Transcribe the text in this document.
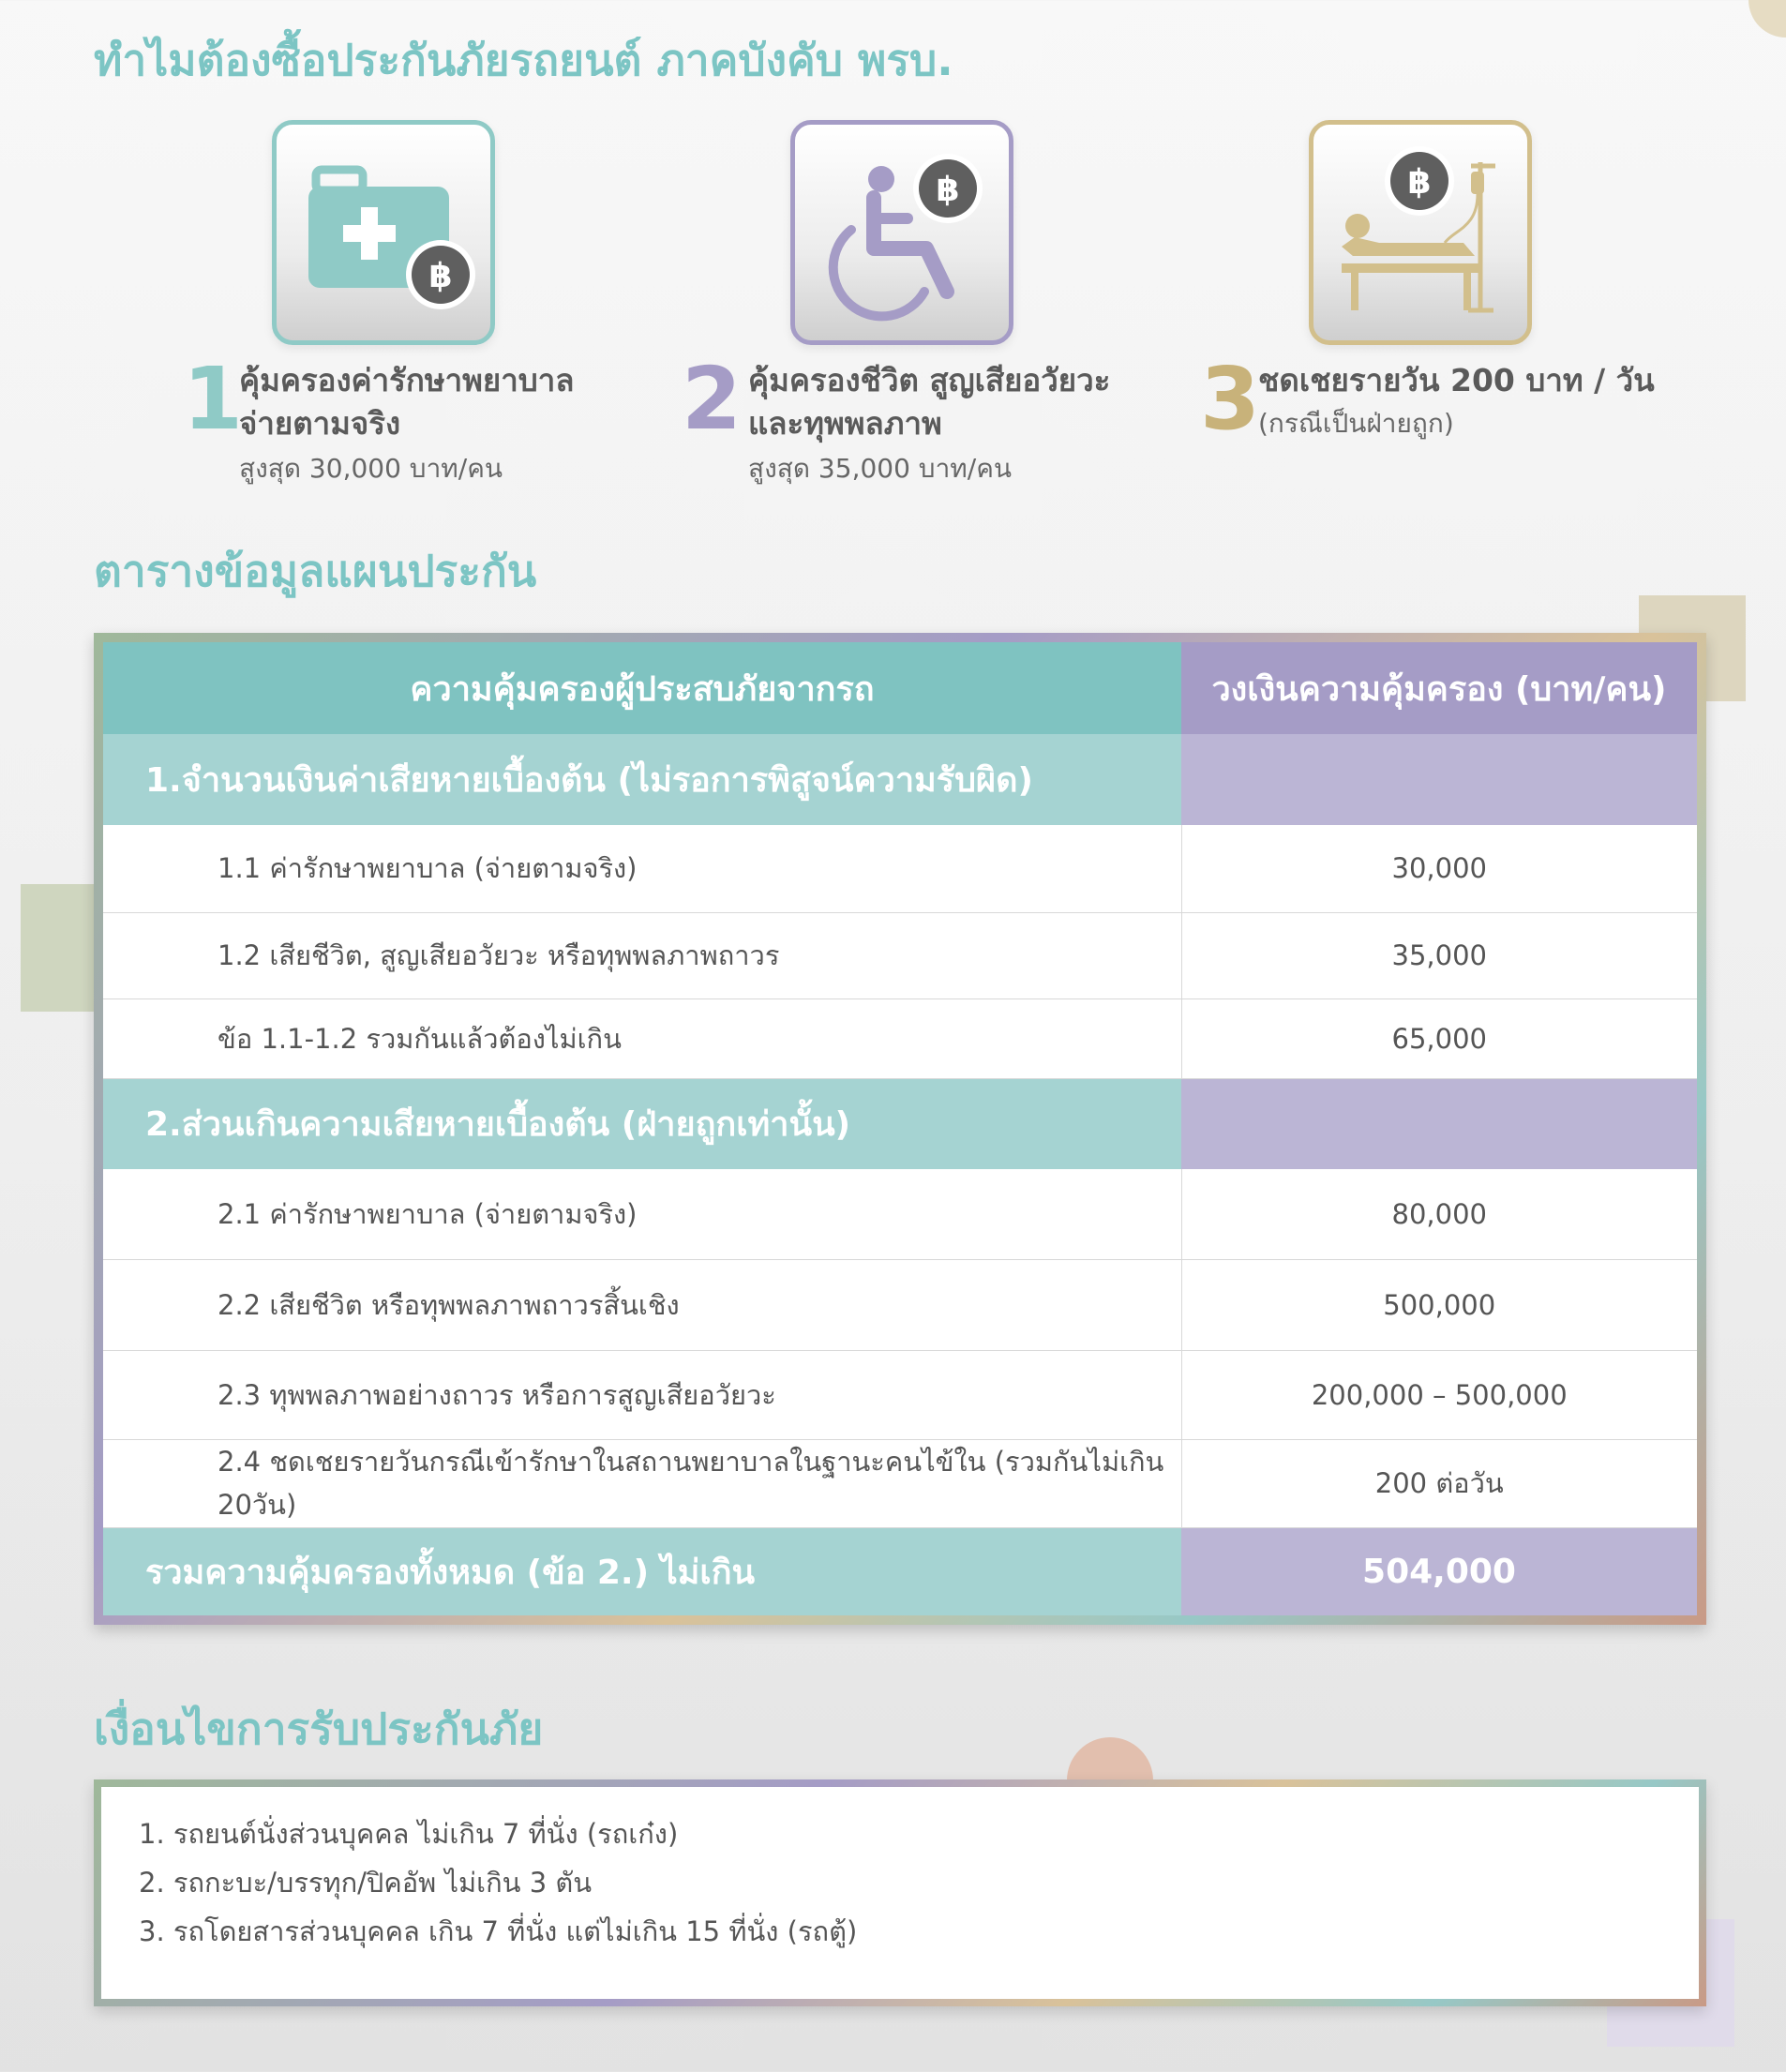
ทำไมต้องซื้อประกันภัยรถยนต์ ภาคบังคับ พรบ.
฿
1
คุ้มครองค่ารักษาพยาบาล
จ่ายตามจริง
สูงสุด 30,000 บาท/คน
฿
2 คุ้มครองชีวิต สูญเสียอวัยวะ
และทุพพลภาพ
สูงสุด 35,000 บาท/คน
฿
3
ชดเชยรายวัน 200 บาท / วัน
(กรณีเป็นฝ่ายถูก)
ตารางข้อมูลแผนประกัน
ความคุ้มครองผู้ประสบภัยจากรถ	วงเงินความคุ้มครอง (บาท/คน)
1.จำนวนเงินค่าเสียหายเบื้องต้น (ไม่รอการพิสูจน์ความรับผิด)	
1.1 ค่ารักษาพยาบาล (จ่ายตามจริง)	30,000
1.2 เสียชีวิต, สูญเสียอวัยวะ หรือทุพพลภาพถาวร	35,000
ข้อ 1.1-1.2 รวมกันแล้วต้องไม่เกิน	65,000
2.ส่วนเกินความเสียหายเบื้องต้น (ฝ่ายถูกเท่านั้น)	
2.1 ค่ารักษาพยาบาล (จ่ายตามจริง)	80,000
2.2 เสียชีวิต หรือทุพพลภาพถาวรสิ้นเชิง	500,000
2.3 ทุพพลภาพอย่างถาวร หรือการสูญเสียอวัยวะ	200,000 – 500,000
2.4 ชดเชยรายวันกรณีเข้ารักษาในสถานพยาบาลในฐานะคนไข้ใน (รวมกันไม่เกิน 20วัน)	200 ต่อวัน
รวมความคุ้มครองทั้งหมด (ข้อ 2.) ไม่เกิน	504,000
เงื่อนไขการรับประกันภัย
1. รถยนต์นั่งส่วนบุคคล ไม่เกิน 7 ที่นั่ง (รถเก๋ง)
2. รถกะบะ/บรรทุก/ปิคอัพ ไม่เกิน 3 ตัน
3. รถโดยสารส่วนบุคคล เกิน 7 ที่นั่ง แต่ไม่เกิน 15 ที่นั่ง (รถตู้)
